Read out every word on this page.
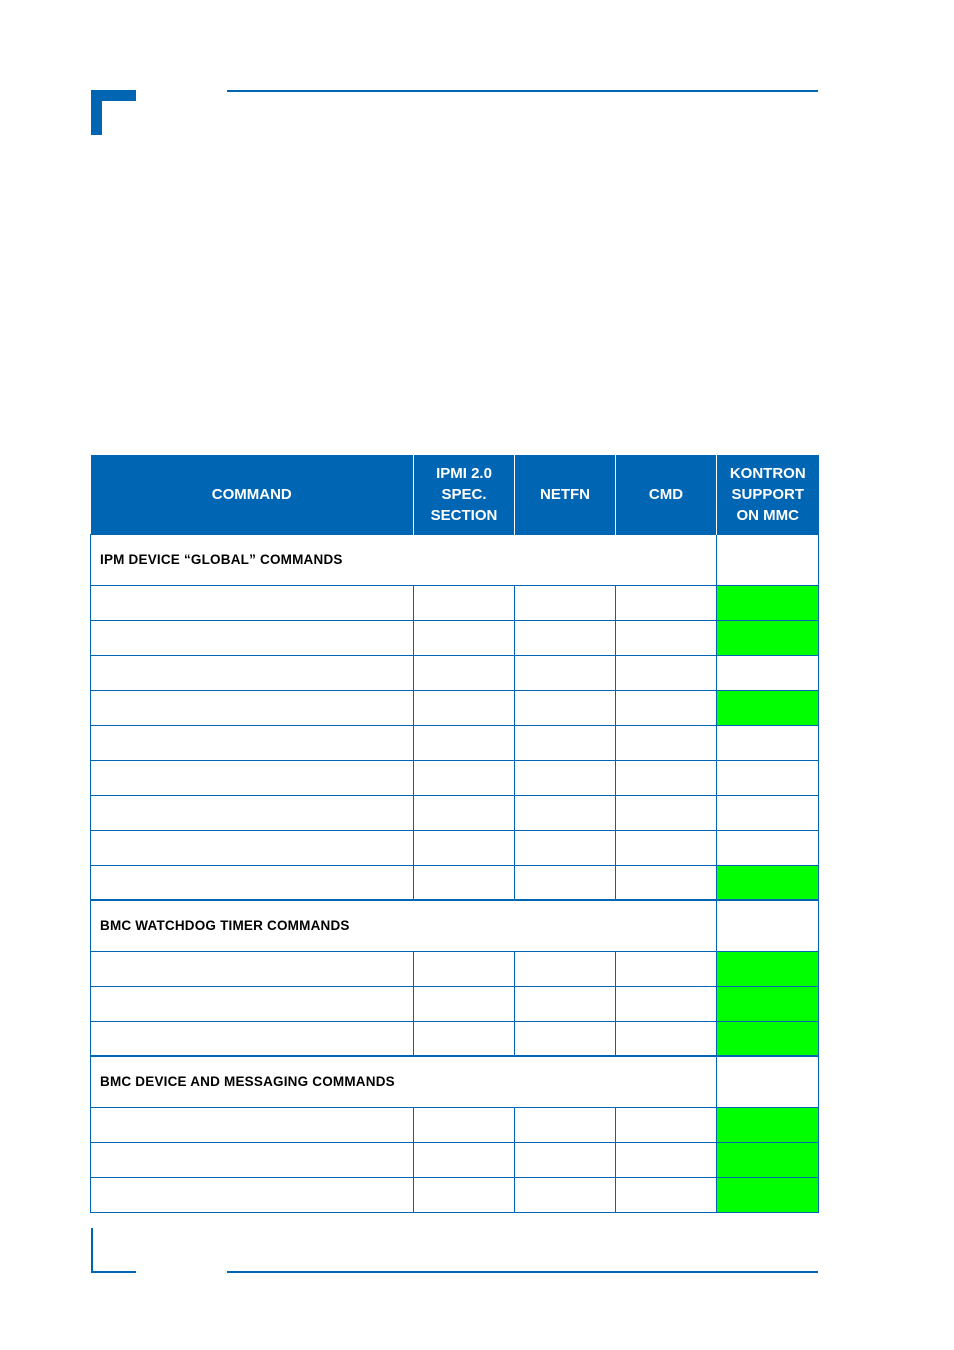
COMMAND	IPMI 2.0
SPEC.
SECTION	NETFN	CMD	KONTRON
SUPPORT
ON MMC
IPM DEVICE “GLOBAL” COMMANDS				

BMC WATCHDOG TIMER COMMANDS				

BMC DEVICE AND MESSAGING COMMANDS				
